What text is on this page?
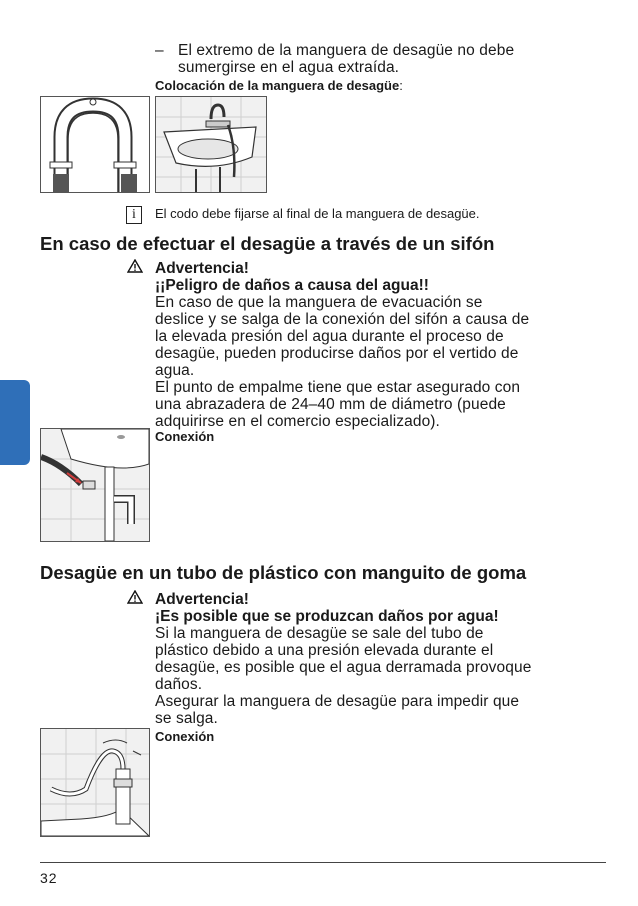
– El extremo de la manguera de desagüe no debe
sumergirse en el agua extraída.
Colocación de la manguera de desagüe:
i	El codo debe fijarse al final de la manguera de desagüe.
En caso de efectuar el desagüe a través de un sifón
Advertencia!
¡¡Peligro de daños a causa del agua!!
En caso de que la manguera de evacuación se
deslice y se salga de la conexión del sifón a causa de
la elevada presión del agua durante el proceso de
desagüe, pueden producirse daños por el vertido de
agua.
El punto de empalme tiene que estar asegurado con
una abrazadera de 24–40 mm de diámetro (puede
adquirirse en el comercio especializado).
Conexión
Desagüe en un tubo de plástico con manguito de goma
Advertencia!
¡Es posible que se produzcan daños por agua!
Si la manguera de desagüe se sale del tubo de
plástico debido a una presión elevada durante el
desagüe, es posible que el agua derramada provoque
daños.
Asegurar la manguera de desagüe para impedir que
se salga.
Conexión
32
